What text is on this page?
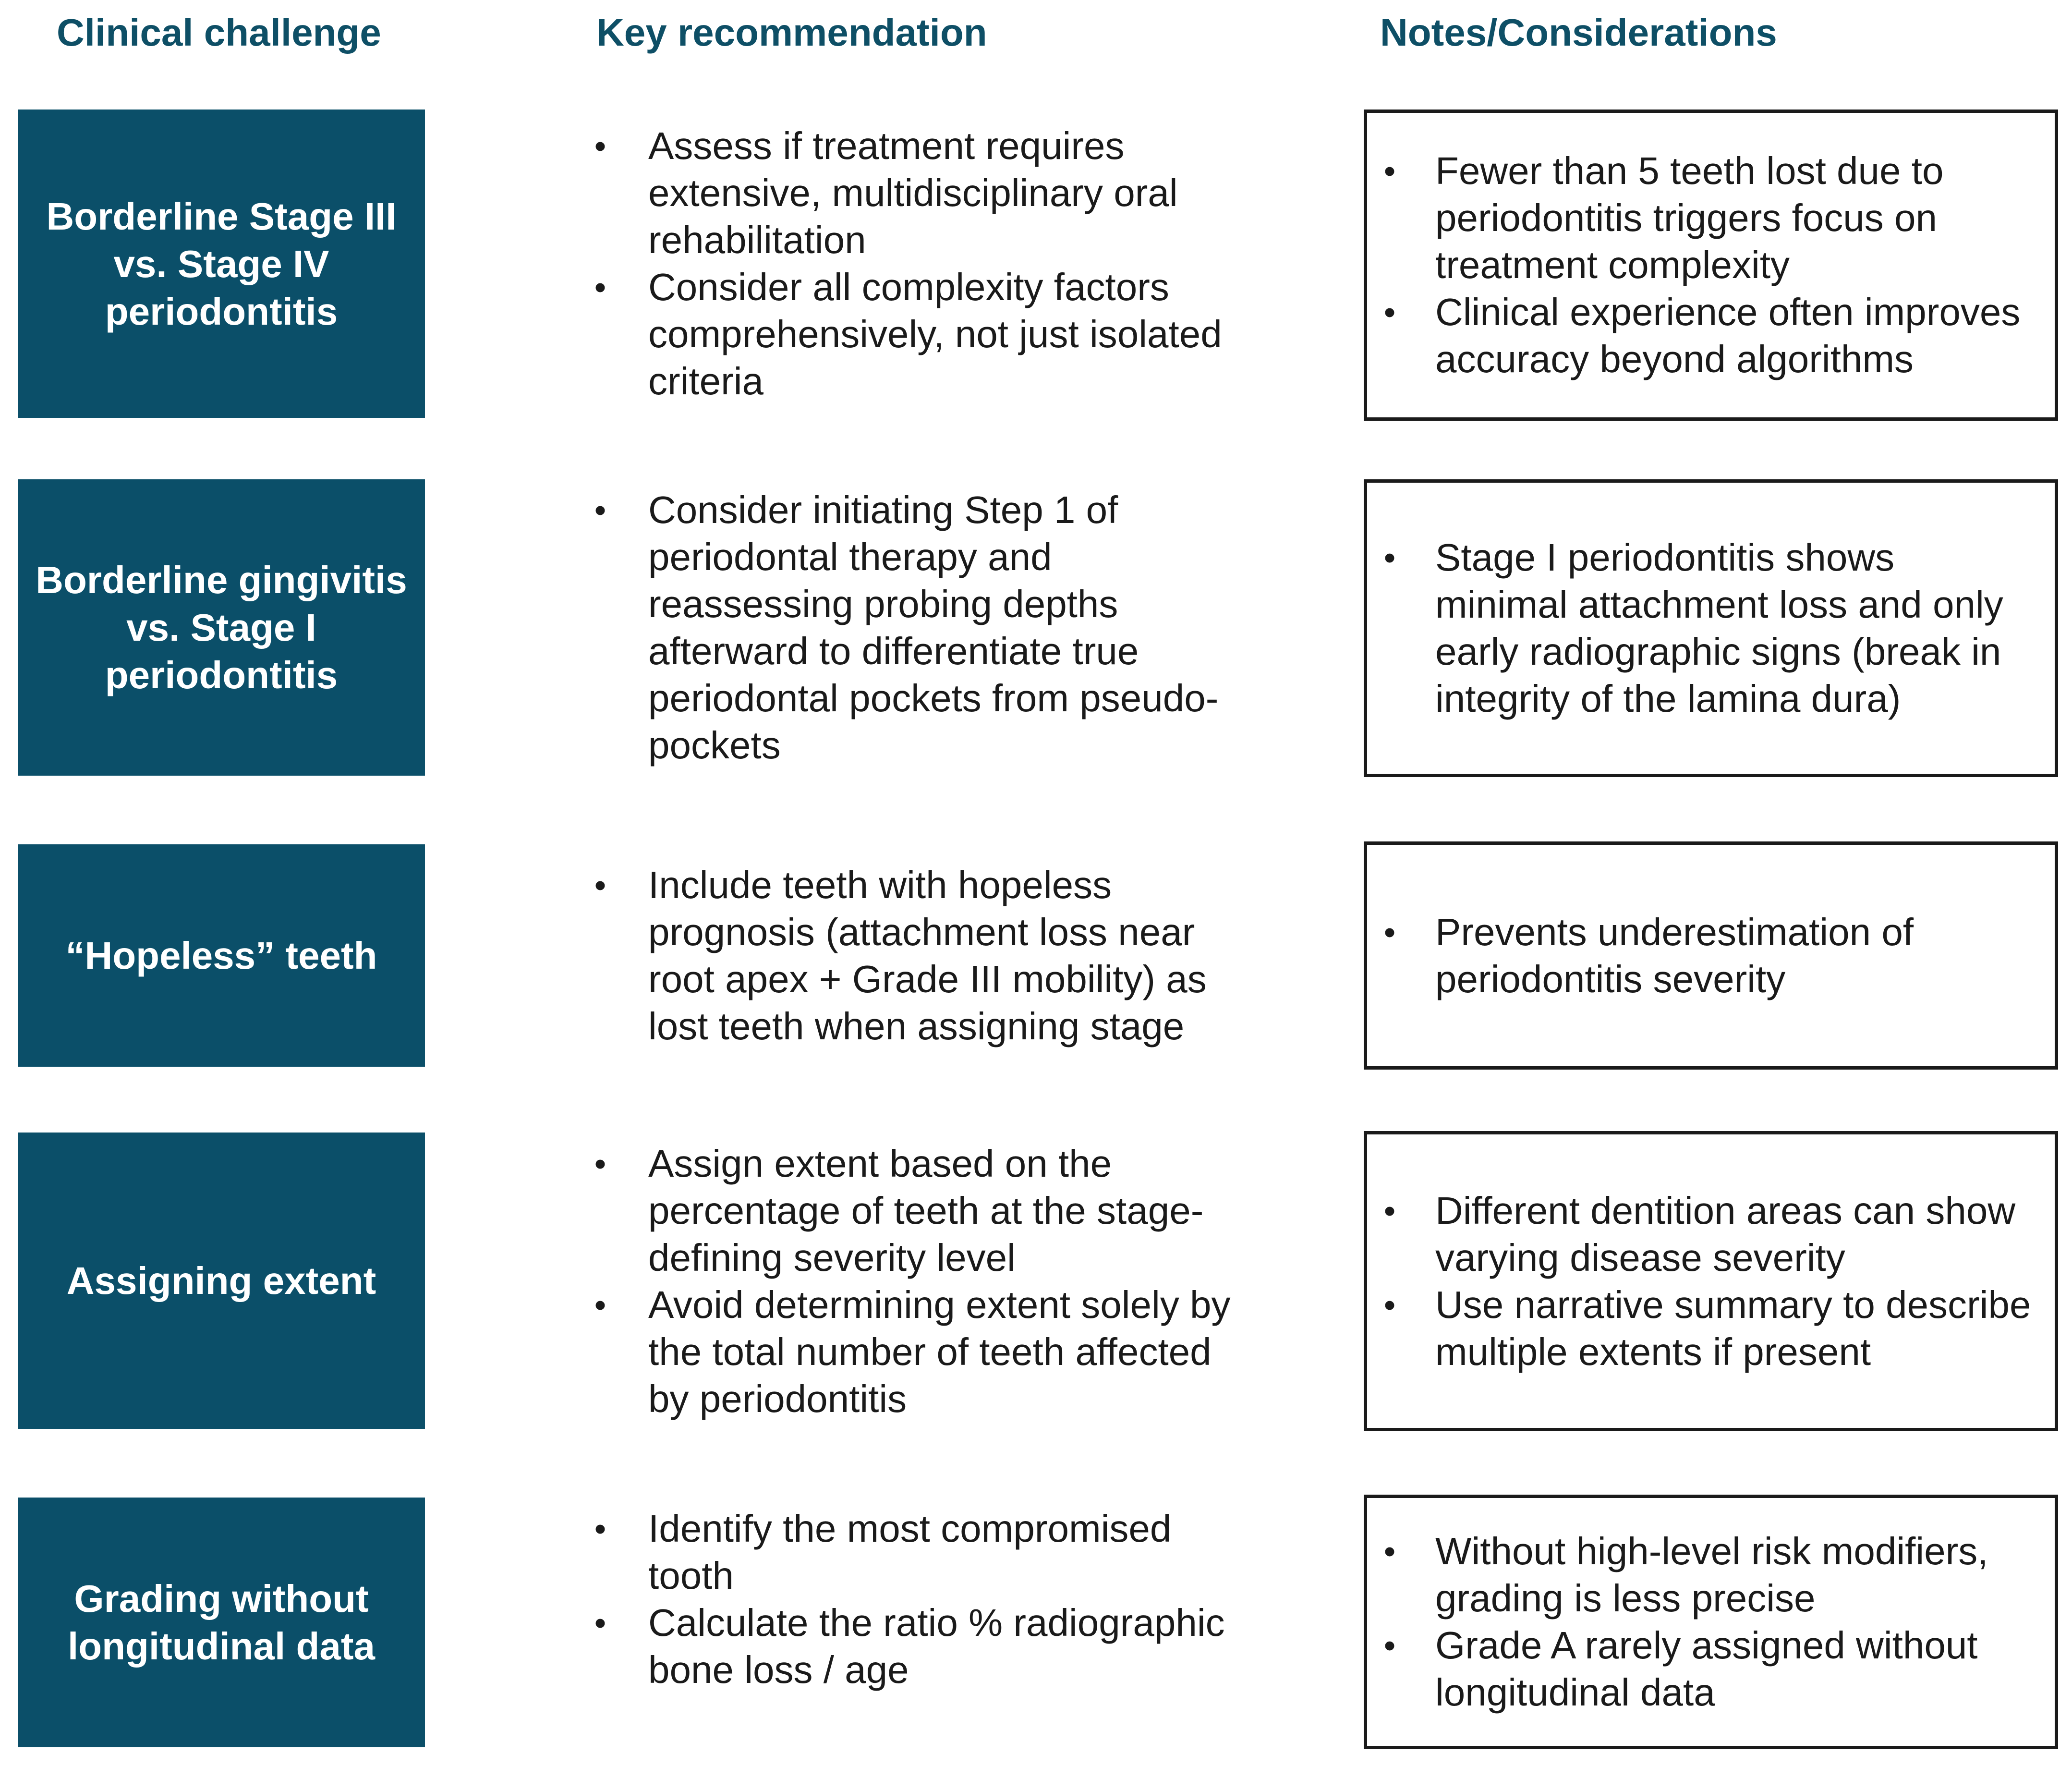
Clinical challenge	Key recommendation	Notes/Considerations
Borderline Stage III vs. Stage IV periodontitis
• Assess if treatment requires extensive, multidisciplinary oral rehabilitation
• Consider all complexity factors comprehensively, not just isolated criteria
• Fewer than 5 teeth lost due to periodontitis triggers focus on treatment complexity
• Clinical experience often improves accuracy beyond algorithms
Borderline gingivitis vs. Stage I periodontitis
• Consider initiating Step 1 of periodontal therapy and reassessing probing depths afterward to differentiate true periodontal pockets from pseudo-pockets
• Stage I periodontitis shows minimal attachment loss and only early radiographic signs (break in integrity of the lamina dura)
“Hopeless” teeth
• Include teeth with hopeless prognosis (attachment loss near root apex + Grade III mobility) as lost teeth when assigning stage
• Prevents underestimation of periodontitis severity
Assigning extent
• Assign extent based on the percentage of teeth at the stage-defining severity level
• Avoid determining extent solely by the total number of teeth affected by periodontitis
• Different dentition areas can show varying disease severity
• Use narrative summary to describe multiple extents if present
Grading without longitudinal data
• Identify the most compromised tooth
• Calculate the ratio % radiographic bone loss / age
• Without high-level risk modifiers, grading is less precise
• Grade A rarely assigned without longitudinal data
